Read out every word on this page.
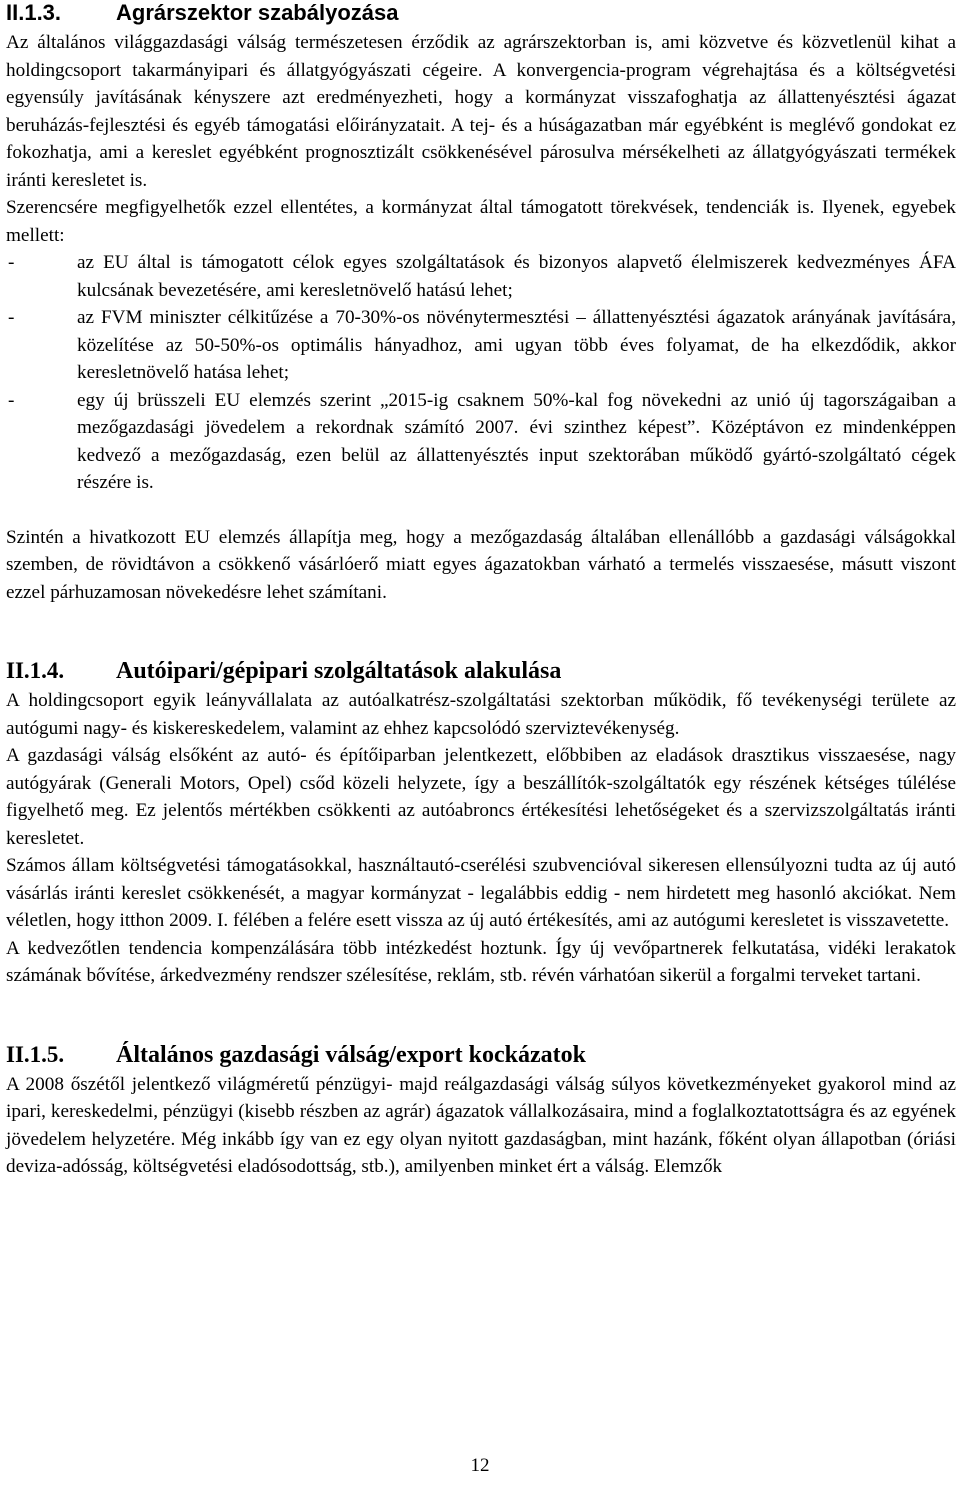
II.1.3.	Agrárszektor szabályozása

Az általános világgazdasági válság természetesen érződik az agrárszektorban is, ami közvetve és közvetlenül kihat a holdingcsoport takarmányipari és állatgyógyászati cégeire. A konvergencia-program végrehajtása és a költségvetési egyensúly javításának kényszere azt eredményezheti, hogy a kormányzat visszafoghatja az állattenyésztési ágazat beruházás-fejlesztési és egyéb támogatási előirányzatait. A tej- és a húságazatban már egyébként is meglévő gondokat ez fokozhatja, ami a kereslet egyébként prognosztizált csökkenésével párosulva mérsékelheti az állatgyógyászati termékek iránti keresletet is.

Szerencsére megfigyelhetők ezzel ellentétes, a kormányzat által támogatott törekvések, tendenciák is. Ilyenek, egyebek mellett:

- az EU által is támogatott célok egyes szolgáltatások és bizonyos alapvető élelmiszerek kedvezményes ÁFA kulcsának bevezetésére, ami keresletnövelő hatású lehet;
- az FVM miniszter célkitűzése a 70-30%-os növénytermesztési – állattenyésztési ágazatok arányának javítására, közelítése az 50-50%-os optimális hányadhoz, ami ugyan több éves folyamat, de ha elkezdődik, akkor keresletnövelő hatása lehet;
- egy új brüsszeli EU elemzés szerint „2015-ig csaknem 50%-kal fog növekedni az unió új tagországaiban a mezőgazdasági jövedelem a rekordnak számító 2007. évi szinthez képest”. Középtávon ez mindenképpen kedvező a mezőgazdaság, ezen belül az állattenyésztés input szektorában működő gyártó-szolgáltató cégek részére is.

Szintén a hivatkozott EU elemzés állapítja meg, hogy a mezőgazdaság általában ellenállóbb a gazdasági válságokkal szemben, de rövidtávon a csökkenő vásárlóerő miatt egyes ágazatokban várható a termelés visszaesése, másutt viszont ezzel párhuzamosan növekedésre lehet számítani.

II.1.4.	Autóipari/gépipari szolgáltatások alakulása

A holdingcsoport egyik leányvállalata az autóalkatrész-szolgáltatási szektorban működik, fő tevékenységi területe az autógumi nagy- és kiskereskedelem, valamint az ehhez kapcsolódó szerviztevékenység.

A gazdasági válság elsőként az autó- és építőiparban jelentkezett, előbbiben az eladások drasztikus visszaesése, nagy autógyárak (Generali Motors, Opel) csőd közeli helyzete, így a beszállítók-szolgáltatók egy részének kétséges túlélése figyelhető meg. Ez jelentős mértékben csökkenti az autóabroncs értékesítési lehetőségeket és a szervizszolgáltatás iránti keresletet.

Számos állam költségvetési támogatásokkal, használtautó-cserélési szubvencióval sikeresen ellensúlyozni tudta az új autó vásárlás iránti kereslet csökkenését, a magyar kormányzat - legalábbis eddig - nem hirdetett meg hasonló akciókat. Nem véletlen, hogy itthon 2009. I. félében a felére esett vissza az új autó értékesítés, ami az autógumi keresletet is visszavetette.

A kedvezőtlen tendencia kompenzálására több intézkedést hoztunk. Így új vevőpartnerek felkutatása, vidéki lerakatok számának bővítése, árkedvezmény rendszer szélesítése, reklám, stb. révén várhatóan sikerül a forgalmi terveket tartani.

II.1.5.	Általános gazdasági válság/export kockázatok

A 2008 őszétől jelentkező világméretű pénzügyi- majd reálgazdasági válság súlyos következményeket gyakorol mind az ipari, kereskedelmi, pénzügyi (kisebb részben az agrár) ágazatok vállalkozásaira, mind a foglalkoztatottságra és az egyének jövedelem helyzetére. Még inkább így van ez egy olyan nyitott gazdaságban, mint hazánk, főként olyan állapotban (óriási deviza-adósság, költségvetési eladósodottság, stb.), amilyenben minket ért a válság. Elemzők

12
